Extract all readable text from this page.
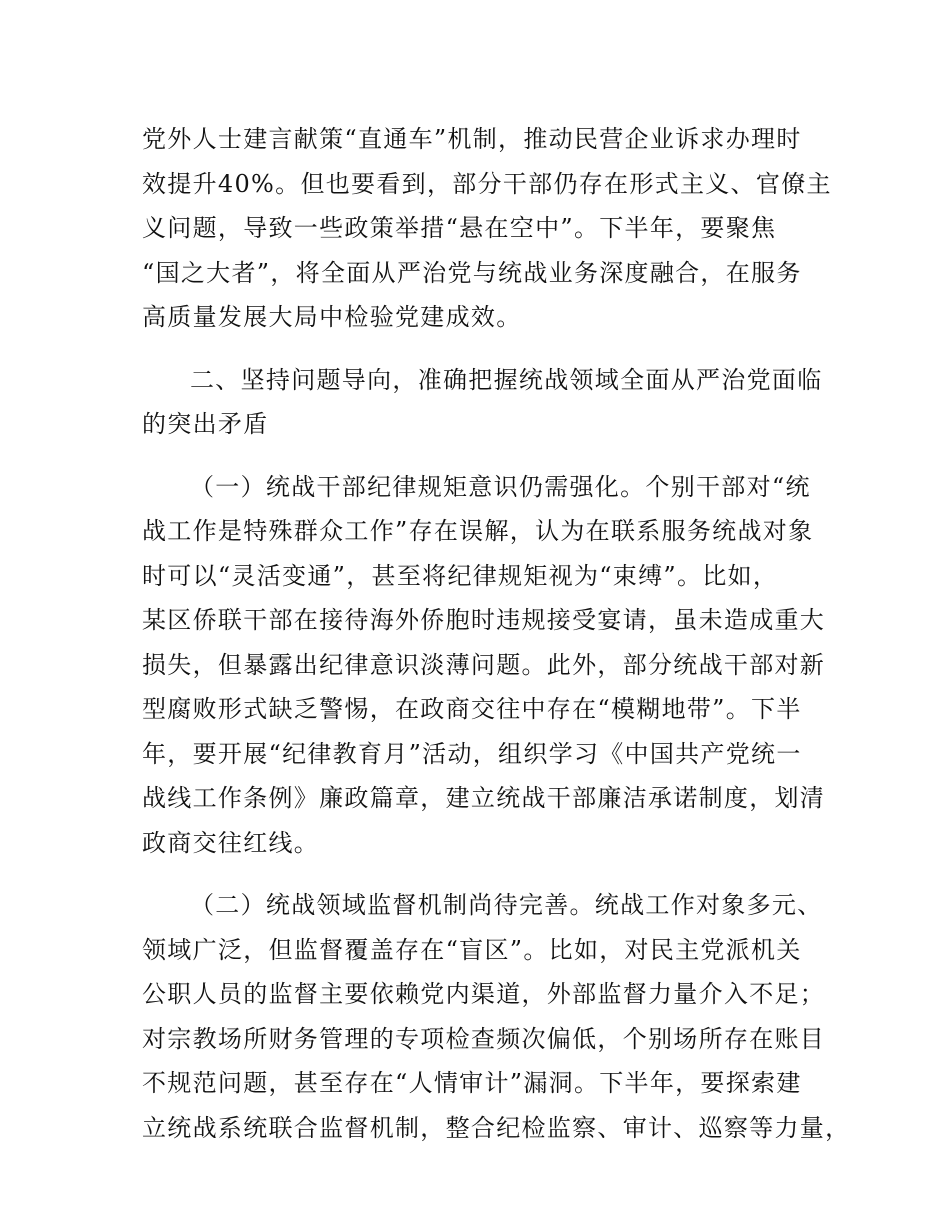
党外人士建言献策“直通车”机制，推动民营企业诉求办理时
效提升40%。但也要看到，部分干部仍存在形式主义、官僚主
义问题，导致一些政策举措“悬在空中”。下半年，要聚焦
“国之大者”，将全面从严治党与统战业务深度融合，在服务
高质量发展大局中检验党建成效。

二、坚持问题导向，准确把握统战领域全面从严治党面临
的突出矛盾

（一）统战干部纪律规矩意识仍需强化。个别干部对“统
战工作是特殊群众工作”存在误解，认为在联系服务统战对象
时可以“灵活变通”，甚至将纪律规矩视为“束缚”。比如，
某区侨联干部在接待海外侨胞时违规接受宴请，虽未造成重大
损失，但暴露出纪律意识淡薄问题。此外，部分统战干部对新
型腐败形式缺乏警惕，在政商交往中存在“模糊地带”。下半
年，要开展“纪律教育月”活动，组织学习《中国共产党统一
战线工作条例》廉政篇章，建立统战干部廉洁承诺制度，划清
政商交往红线。

（二）统战领域监督机制尚待完善。统战工作对象多元、
领域广泛，但监督覆盖存在“盲区”。比如，对民主党派机关
公职人员的监督主要依赖党内渠道，外部监督力量介入不足；
对宗教场所财务管理的专项检查频次偏低，个别场所存在账目
不规范问题，甚至存在“人情审计”漏洞。下半年，要探索建
立统战系统联合监督机制，整合纪检监察、审计、巡察等力量，
